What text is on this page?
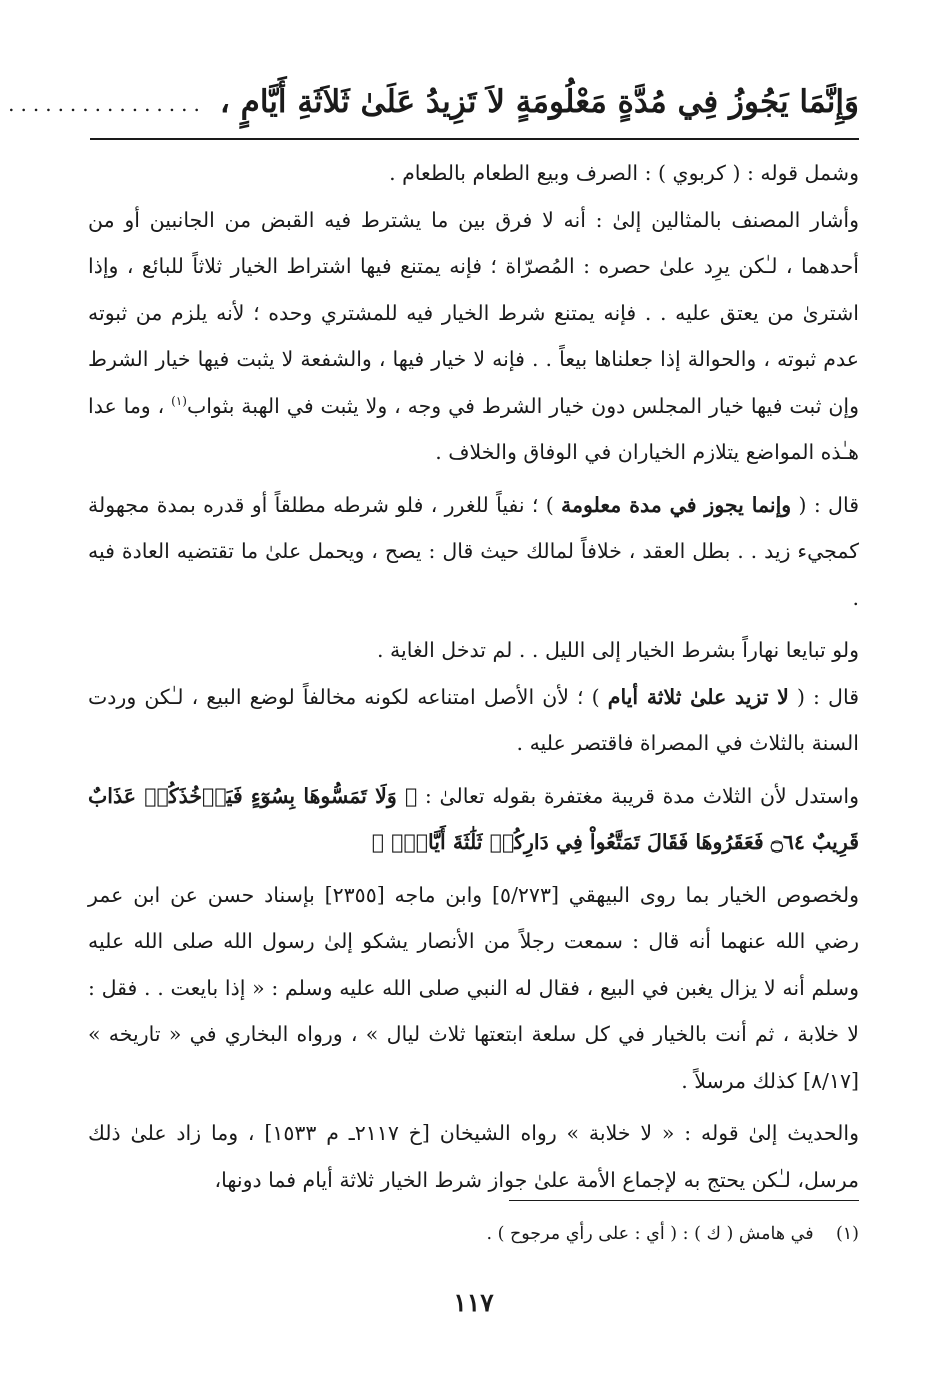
وَإِنَّمَا يَجُوزُ فِي مُدَّةٍ مَعْلُومَةٍ لاَ تَزِيدُ عَلَىٰ ثَلاَثَةِ أَيَّامٍ ،
................

وشمل قوله : ( كربوي ) : الصرف وبيع الطعام بالطعام .

وأشار المصنف بالمثالين إلىٰ : أنه لا فرق بين ما يشترط فيه القبض من الجانبين أو من أحدهما ، لـٰكن يرِد علىٰ حصره : المُصرّاة ؛ فإنه يمتنع فيها اشتراط الخيار ثلاثاً للبائع ، وإذا اشترىٰ من يعتق عليه . . فإنه يمتنع شرط الخيار فيه للمشتري وحده ؛ لأنه يلزم من ثبوته عدم ثبوته ، والحوالة إذا جعلناها بيعاً . . فإنه لا خيار فيها ، والشفعة لا يثبت فيها خيار الشرط وإن ثبت فيها خيار المجلس دون خيار الشرط في وجه ، ولا يثبت في الهبة بثواب$^{(١)}$ ، وما عدا هـٰذه المواضع يتلازم الخياران في الوفاق والخلاف .

قال : ( وإنما يجوز في مدة معلومة ) ؛ نفياً للغرر ، فلو شرطه مطلقاً أو قدره بمدة مجهولة كمجيء زيد . . بطل العقد ، خلافاً لمالك حيث قال : يصح ، ويحمل علىٰ ما تقتضيه العادة فيه .

ولو تبايعا نهاراً بشرط الخيار إلى الليل . . لم تدخل الغاية .

قال : ( لا تزيد علىٰ ثلاثة أيام ) ؛ لأن الأصل امتناعه لكونه مخالفاً لوضع البيع ، لـٰكن وردت السنة بالثلاث في المصراة فاقتصر عليه .

واستدل لأن الثلاث مدة قريبة مغتفرة بقوله تعالىٰ : ﴿ وَلَا تَمَسُّوهَا بِسُوٓءٍ فَيَأۡخُذَكُمۡ عَذَابٌ قَرِيبٌ ۝٦٤ فَعَقَرُوهَا فَقَالَ تَمَتَّعُواْ فِي دَارِكُمۡ ثَلَٰثَةَ أَيَّامٍۖ ﴾

ولخصوص الخيار بما روى البيهقي [٥/٢٧٣] وابن ماجه [٢٣٥٥] بإسناد حسن عن ابن عمر رضي الله عنهما أنه قال : سمعت رجلاً من الأنصار يشكو إلىٰ رسول الله صلى الله عليه وسلم أنه لا يزال يغبن في البيع ، فقال له النبي صلى الله عليه وسلم : « إذا بايعت . . فقل : لا خلابة ، ثم أنت بالخيار في كل سلعة ابتعتها ثلاث ليال » ، ورواه البخاري في « تاريخه » [٨/١٧] كذلك مرسلاً .

والحديث إلىٰ قوله : « لا خلابة » رواه الشيخان [خ ٢١١٧ـ م ١٥٣٣] ، وما زاد علىٰ ذلك مرسل، لـٰكن يحتج به لإجماع الأمة علىٰ جواز شرط الخيار ثلاثة أيام فما دونها،

(١)    في هامش ( ك ) : ( أي : على رأي مرجوح ) .
١١٧
